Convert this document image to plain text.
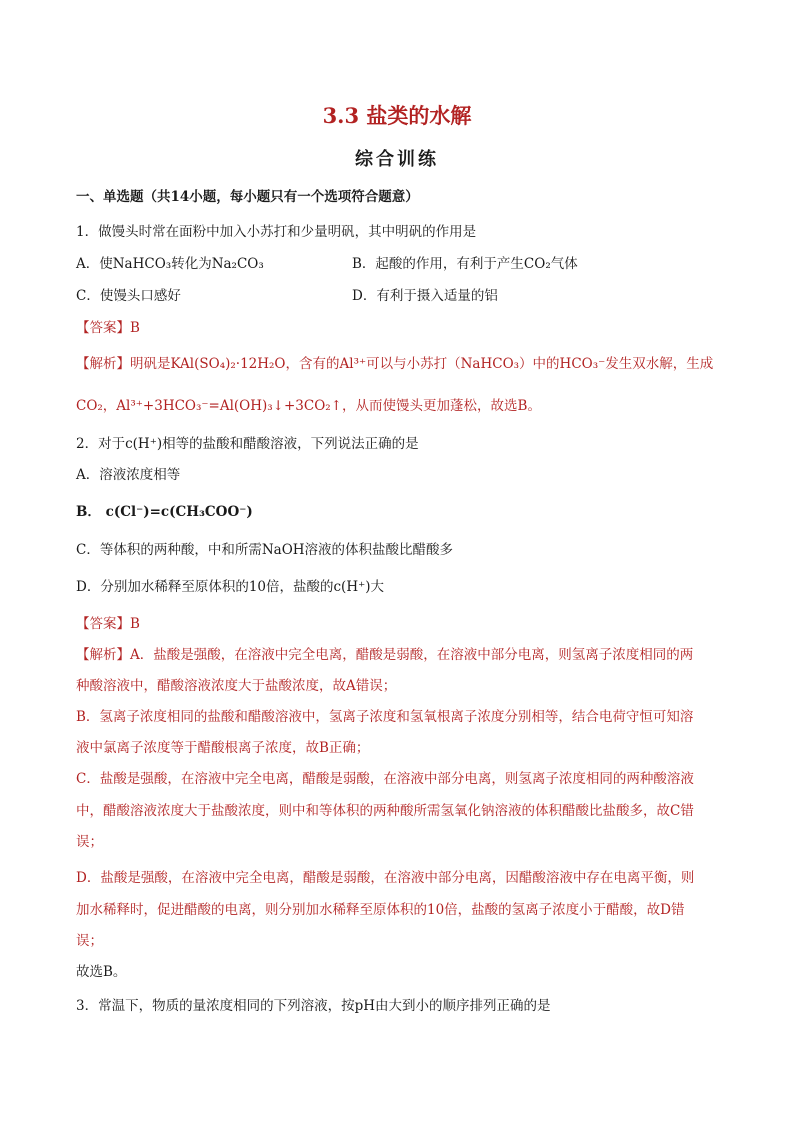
3.3 盐类的水解
综合训练
一、单选题（共14小题，每小题只有一个选项符合题意）
1．做馒头时常在面粉中加入小苏打和少量明矾，其中明矾的作用是
A．使NaHCO₃转化为Na₂CO₃	B．起酸的作用，有利于产生CO₂气体
C．使馒头口感好	D．有利于摄入适量的铝
【答案】B
【解析】明矾是KAl(SO₄)₂·12H₂O，含有的Al³⁺可以与小苏打（NaHCO₃）中的HCO₃⁻发生双水解，生成
CO₂，Al³⁺+3HCO₃⁻=Al(OH)₃↓+3CO₂↑，从而使馒头更加蓬松，故选B。
2．对于c(H⁺)相等的盐酸和醋酸溶液，下列说法正确的是
A．溶液浓度相等
B． c(Cl⁻)=c(CH₃COO⁻)
C．等体积的两种酸，中和所需NaOH溶液的体积盐酸比醋酸多
D．分别加水稀释至原体积的10倍，盐酸的c(H⁺)大
【答案】B
【解析】A．盐酸是强酸，在溶液中完全电离，醋酸是弱酸，在溶液中部分电离，则氢离子浓度相同的两
种酸溶液中，醋酸溶液浓度大于盐酸浓度，故A错误；
B．氢离子浓度相同的盐酸和醋酸溶液中，氢离子浓度和氢氧根离子浓度分别相等，结合电荷守恒可知溶
液中氯离子浓度等于醋酸根离子浓度，故B正确；
C．盐酸是强酸，在溶液中完全电离，醋酸是弱酸，在溶液中部分电离，则氢离子浓度相同的两种酸溶液
中，醋酸溶液浓度大于盐酸浓度，则中和等体积的两种酸所需氢氧化钠溶液的体积醋酸比盐酸多，故C错
误；
D．盐酸是强酸，在溶液中完全电离，醋酸是弱酸，在溶液中部分电离，因醋酸溶液中存在电离平衡，则
加水稀释时，促进醋酸的电离，则分别加水稀释至原体积的10倍，盐酸的氢离子浓度小于醋酸，故D错
误；
故选B。
3．常温下，物质的量浓度相同的下列溶液，按pH由大到小的顺序排列正确的是
